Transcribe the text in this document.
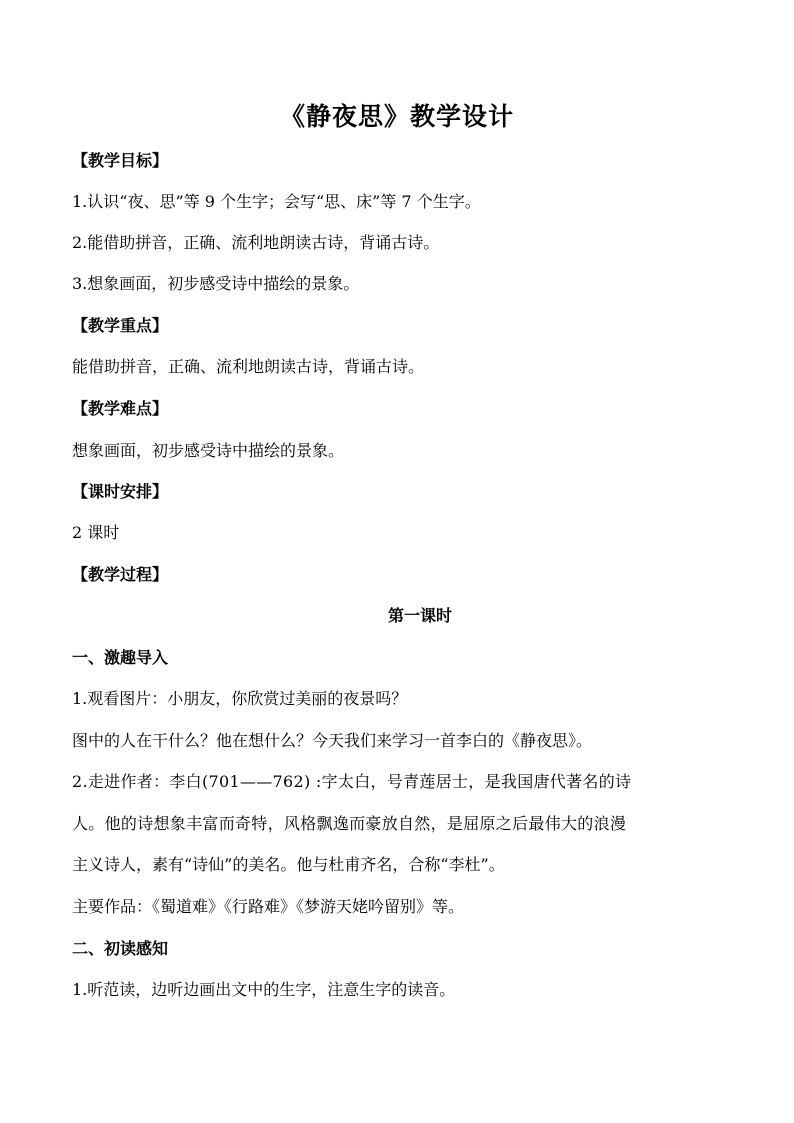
《静夜思》教学设计
【教学目标】
1.认识“夜、思”等 9 个生字；会写“思、床”等 7 个生字。
2.能借助拼音，正确、流利地朗读古诗，背诵古诗。
3.想象画面，初步感受诗中描绘的景象。
【教学重点】
能借助拼音，正确、流利地朗读古诗，背诵古诗。
【教学难点】
想象画面，初步感受诗中描绘的景象。
【课时安排】
2 课时
【教学过程】
第一课时
一、激趣导入
1.观看图片：小朋友，你欣赏过美丽的夜景吗？
图中的人在干什么？他在想什么？今天我们来学习一首李白的《静夜思》。
2.走进作者：李白(701——762) :字太白，号青莲居士，是我国唐代著名的诗
人。他的诗想象丰富而奇特，风格飘逸而豪放自然，是屈原之后最伟大的浪漫
主义诗人，素有“诗仙”的美名。他与杜甫齐名，合称“李杜”。
主要作品：《蜀道难》《行路难》《梦游天姥吟留别》等。
二、初读感知
1.听范读，边听边画出文中的生字，注意生字的读音。
